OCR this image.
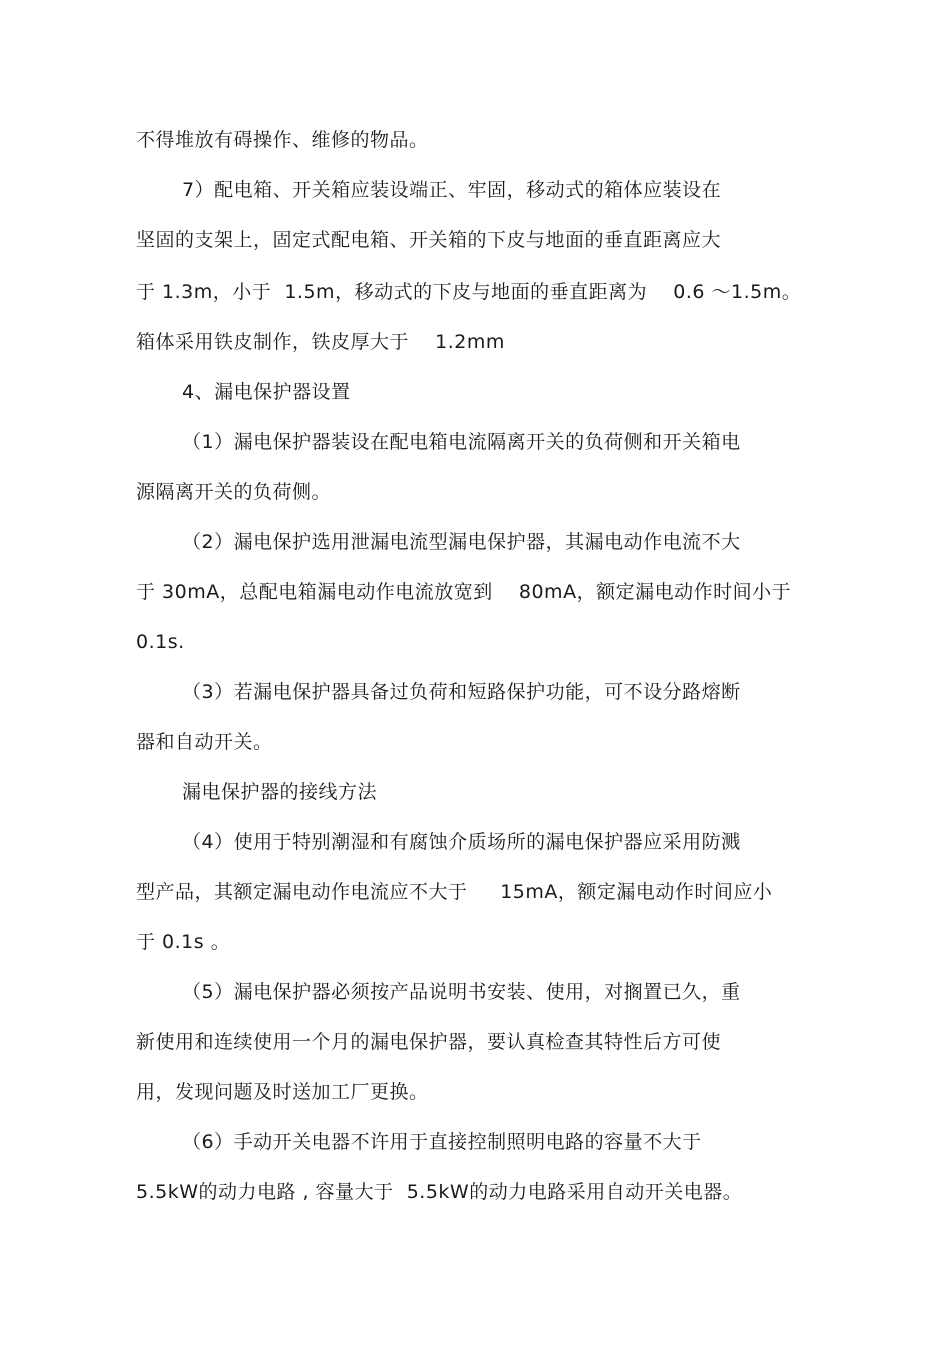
不得堆放有碍操作、维修的物品。
7）配电箱、开关箱应装设端正、牢固，移动式的箱体应装设在
坚固的支架上，固定式配电箱、开关箱的下皮与地面的垂直距离应大
于 1.3m，小于  1.5m，移动式的下皮与地面的垂直距离为    0.6 ～1.5m。
箱体采用铁皮制作，铁皮厚大于    1.2mm
4、漏电保护器设置
（1）漏电保护器装设在配电箱电流隔离开关的负荷侧和开关箱电
源隔离开关的负荷侧。
（2）漏电保护选用泄漏电流型漏电保护器，其漏电动作电流不大
于 30mA，总配电箱漏电动作电流放宽到    80mA，额定漏电动作时间小于
0.1s.
（3）若漏电保护器具备过负荷和短路保护功能，可不设分路熔断
器和自动开关。
漏电保护器的接线方法
（4）使用于特别潮湿和有腐蚀介质场所的漏电保护器应采用防溅
型产品，其额定漏电动作电流应不大于     15mA，额定漏电动作时间应小
于 0.1s 。
（5）漏电保护器必须按产品说明书安装、使用，对搁置已久，重
新使用和连续使用一个月的漏电保护器，要认真检查其特性后方可使
用，发现问题及时送加工厂更换。
（6）手动开关电器不许用于直接控制照明电路的容量不大于
5.5kW的动力电路 , 容量大于  5.5kW的动力电路采用自动开关电器。
